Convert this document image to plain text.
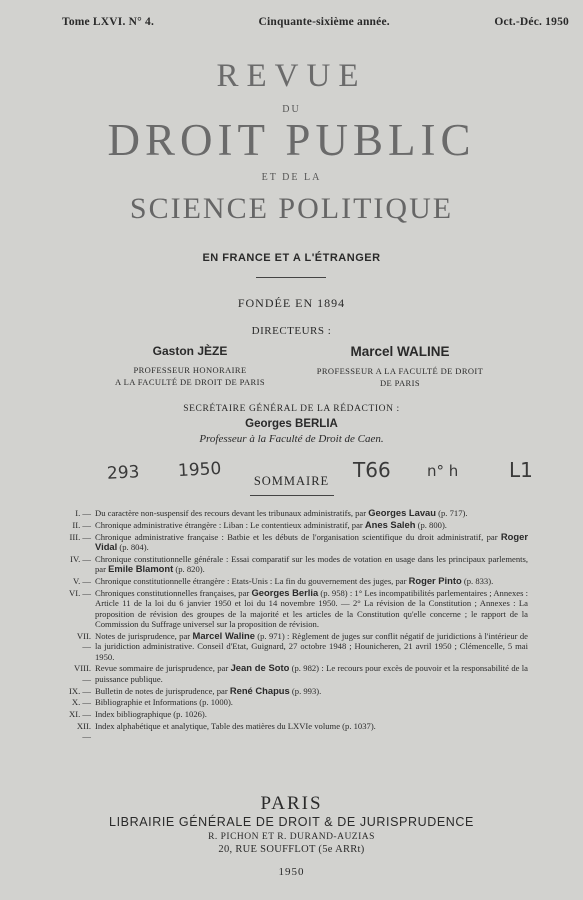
Tome LXVI. N° 4.	Cinquante-sixième année.	Oct.-Déc. 1950
REVUE
DU
DROIT PUBLIC
ET DE LA
SCIENCE POLITIQUE
EN FRANCE ET A L'ÉTRANGER
FONDÉE EN 1894
DIRECTEURS :
Gaston JÈZE
PROFESSEUR HONORAIRE
A LA FACULTÉ DE DROIT DE PARIS
Marcel WALINE
PROFESSEUR A LA FACULTÉ DE DROIT
DE PARIS
SECRÉTAIRE GÉNÉRAL DE LA RÉDACTION :
Georges BERLIA
Professeur à la Faculté de Droit de Caen.
293 1950	T66 n° h	L1
SOMMAIRE
I. — Du caractère non-suspensif des recours devant les tribunaux administratifs, par Georges Lavau (p. 717).
II. — Chronique administrative étrangère : Liban : Le contentieux administratif, par Anes Saleh (p. 800).
III. — Chronique administrative française : Batbie et les débuts de l'organisation scientifique du droit administratif, par Roger Vidal (p. 804).
IV. — Chronique constitutionnelle générale : Essai comparatif sur les modes de votation en usage dans les principaux parlements, par Emile Blamont (p. 820).
V. — Chronique constitutionnelle étrangère : Etats-Unis : La fin du gouvernement des juges, par Roger Pinto (p. 833).
VI. — Chroniques constitutionnelles françaises, par Georges Berlia (p. 958) : 1° Les incompatibilités parlementaires ; Annexes : Article 11 de la loi du 6 janvier 1950 et loi du 14 novembre 1950. — 2° La révision de la Constitution ; Annexes : La proposition de révision des groupes de la majorité et les articles de la Constitution qu'elle concerne ; le rapport de la Commission du Suffrage universel sur la proposition de révision.
VII. —
Notes de jurisprudence, par Marcel Waline (p. 971) : Règlement de juges sur conflit négatif de juridictions à l'intérieur de la juridiction administrative. Conseil d'Etat, Guignard, 27 octobre 1948 ; Hounicheren, 21 avril 1950 ; Clémencelle, 5 mai 1950.
VIII. —
Revue sommaire de jurisprudence, par Jean de Soto (p. 982) : Le recours pour excès de pouvoir et la responsabilité de la puissance publique.
IX. — Bulletin de notes de jurisprudence, par René Chapus (p. 993).
X. — Bibliographie et Informations (p. 1000).
XI. — Index bibliographique (p. 1026).
XII. —
Index alphabétique et analytique, Table des matières du LXVIe volume (p. 1037).
PARIS
LIBRAIRIE GÉNÉRALE DE DROIT & DE JURISPRUDENCE
R. PICHON ET R. DURAND-AUZIAS
20, RUE SOUFFLOT (5e ARRt)
1950
